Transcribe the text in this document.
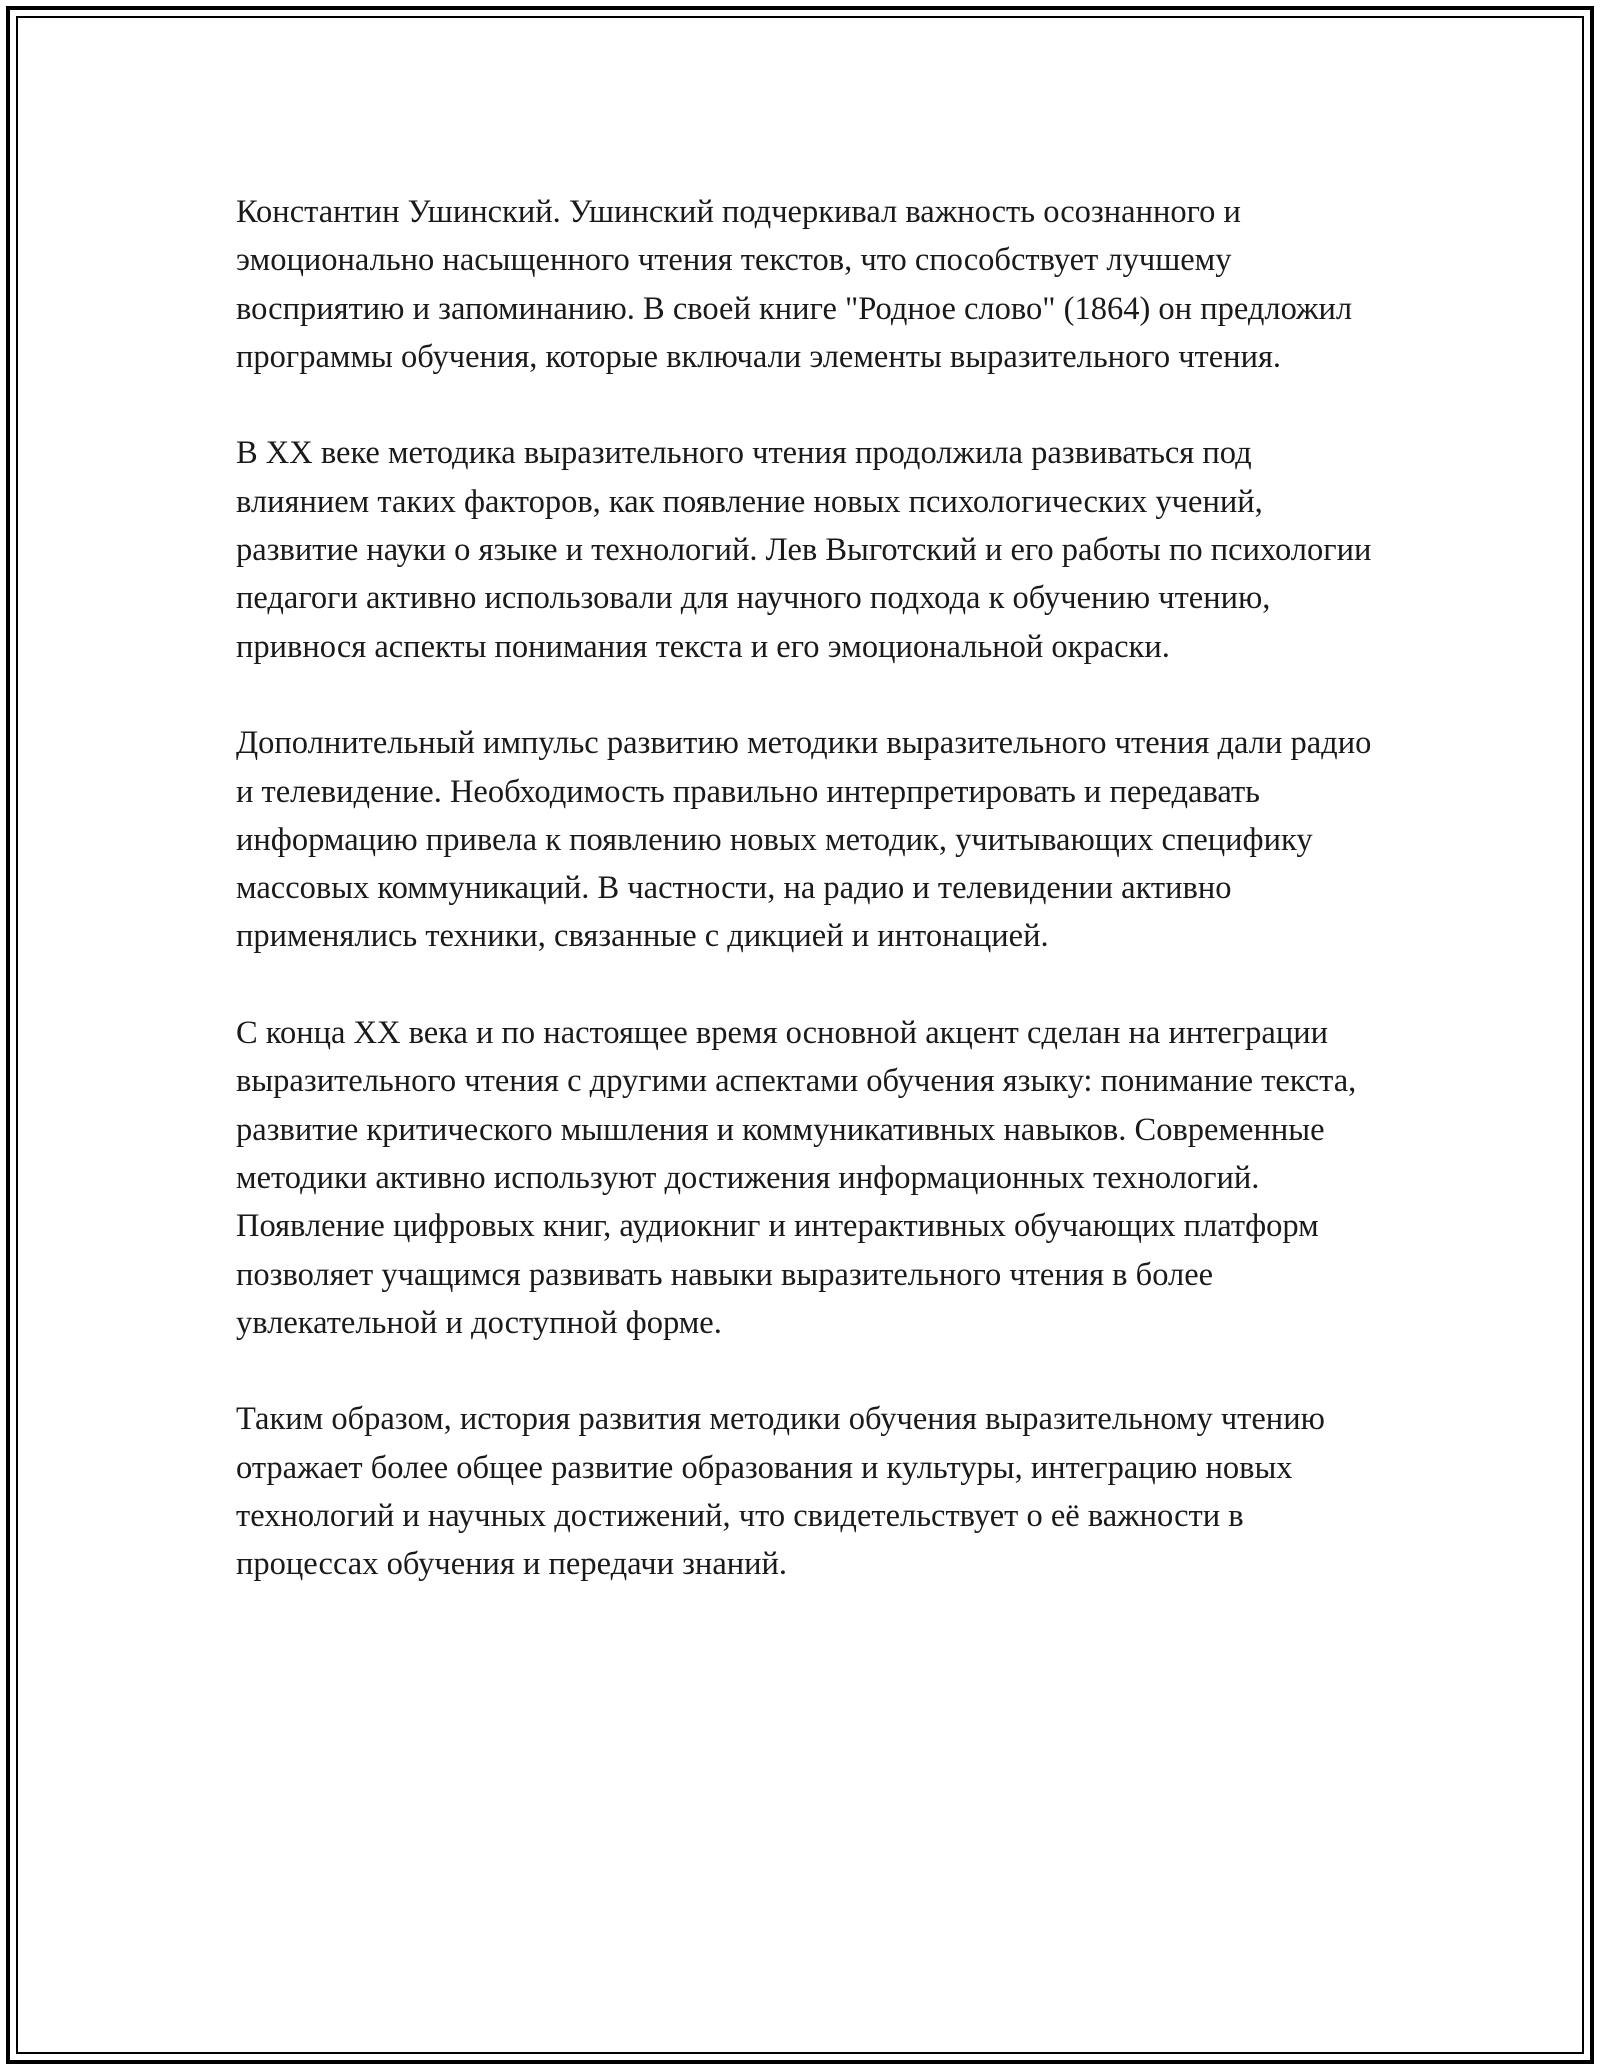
Константин Ушинский. Ушинский подчеркивал важность осознанного и эмоционально насыщенного чтения текстов, что способствует лучшему восприятию и запоминанию. В своей книге "Родное слово" (1864) он предложил программы обучения, которые включали элементы выразительного чтения.

В XX веке методика выразительного чтения продолжила развиваться под влиянием таких факторов, как появление новых психологических учений, развитие науки о языке и технологий. Лев Выготский и его работы по психологии педагоги активно использовали для научного подхода к обучению чтению, привнося аспекты понимания текста и его эмоциональной окраски.

Дополнительный импульс развитию методики выразительного чтения дали радио и телевидение. Необходимость правильно интерпретировать и передавать информацию привела к появлению новых методик, учитывающих специфику массовых коммуникаций. В частности, на радио и телевидении активно применялись техники, связанные с дикцией и интонацией.

С конца XX века и по настоящее время основной акцент сделан на интеграции выразительного чтения с другими аспектами обучения языку: понимание текста, развитие критического мышления и коммуникативных навыков. Современные методики активно используют достижения информационных технологий. Появление цифровых книг, аудиокниг и интерактивных обучающих платформ позволяет учащимся развивать навыки выразительного чтения в более увлекательной и доступной форме.

Таким образом, история развития методики обучения выразительному чтению отражает более общее развитие образования и культуры, интеграцию новых технологий и научных достижений, что свидетельствует о её важности в процессах обучения и передачи знаний.
